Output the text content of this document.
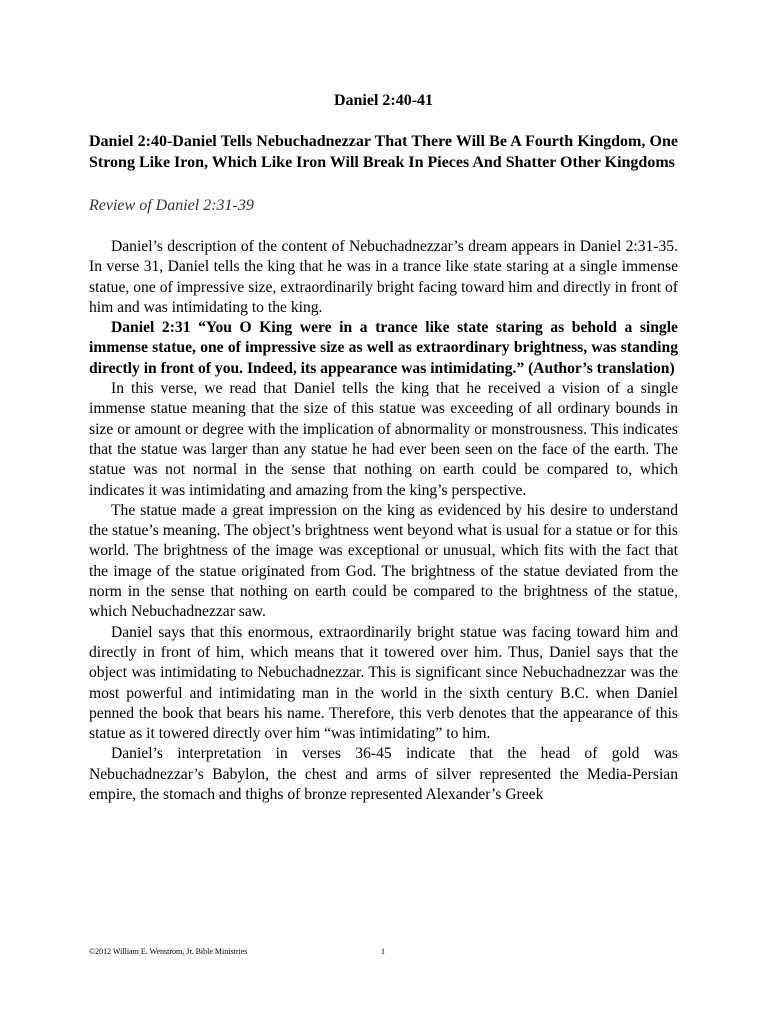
Daniel 2:40-41
Daniel 2:40-Daniel Tells Nebuchadnezzar That There Will Be A Fourth Kingdom, One Strong Like Iron, Which Like Iron Will Break In Pieces And Shatter Other Kingdoms
Review of Daniel 2:31-39

Daniel’s description of the content of Nebuchadnezzar’s dream appears in Daniel 2:31-35. In verse 31, Daniel tells the king that he was in a trance like state staring at a single immense statue, one of impressive size, extraordinarily bright facing toward him and directly in front of him and was intimidating to the king.

Daniel 2:31 “You O King were in a trance like state staring as behold a single immense statue, one of impressive size as well as extraordinary brightness, was standing directly in front of you. Indeed, its appearance was intimidating.” (Author’s translation)

In this verse, we read that Daniel tells the king that he received a vision of a single immense statue meaning that the size of this statue was exceeding of all ordinary bounds in size or amount or degree with the implication of abnormality or monstrousness. This indicates that the statue was larger than any statue he had ever been seen on the face of the earth. The statue was not normal in the sense that nothing on earth could be compared to, which indicates it was intimidating and amazing from the king’s perspective.

The statue made a great impression on the king as evidenced by his desire to understand the statue’s meaning. The object’s brightness went beyond what is usual for a statue or for this world. The brightness of the image was exceptional or unusual, which fits with the fact that the image of the statue originated from God. The brightness of the statue deviated from the norm in the sense that nothing on earth could be compared to the brightness of the statue, which Nebuchadnezzar saw.

Daniel says that this enormous, extraordinarily bright statue was facing toward him and directly in front of him, which means that it towered over him. Thus, Daniel says that the object was intimidating to Nebuchadnezzar. This is significant since Nebuchadnezzar was the most powerful and intimidating man in the world in the sixth century B.C. when Daniel penned the book that bears his name. Therefore, this verb denotes that the appearance of this statue as it towered directly over him “was intimidating” to him.

Daniel’s interpretation in verses 36-45 indicate that the head of gold was Nebuchadnezzar’s Babylon, the chest and arms of silver represented the Media-Persian empire, the stomach and thighs of bronze represented Alexander’s Greek

©2012 William E. Wenstrom, Jr. Bible Ministries	1
